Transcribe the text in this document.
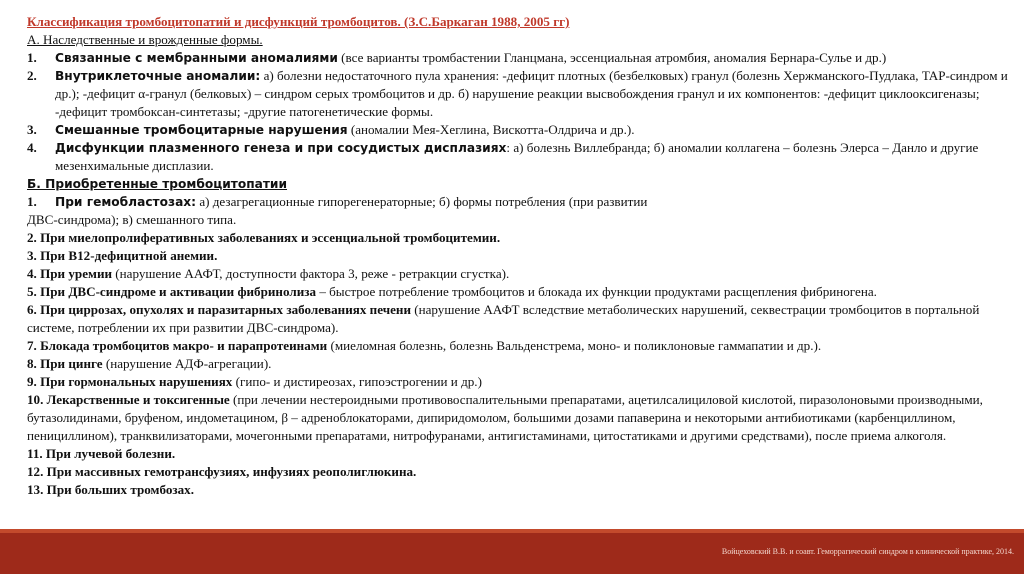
Классификация тромбоцитопатий и дисфункций тромбоцитов. (З.С.Баркаган 1988, 2005 гг)

А. Наследственные и врожденные формы.

1.	Связанные с мембранными аномалиями (все варианты тромбастении Гланцмана, эссенциальная атромбия, аномалия Бернара-Сулье и др.)
2.	Внутриклеточные аномалии: а) болезни недостаточного пула хранения: -дефицит плотных (безбелковых) гранул (болезнь Хержманского-Пудлака, TAP-синдром и др.); -дефицит α-гранул (белковых) – синдром серых тромбоцитов и др. б) нарушение реакции высвобождения гранул и их компонентов: -дефицит циклооксигеназы; -дефицит тромбоксан-синтетазы; -другие патогенетические формы.
3.	Смешанные тромбоцитарные нарушения (аномалии Мея-Хеглина, Вискотта-Олдрича и др.).
4.	Дисфункции плазменного генеза и при сосудистых дисплазиях: а) болезнь Виллебранда; б) аномалии коллагена – болезнь Элерса – Данло и другие мезенхимальные дисплазии.

Б. Приобретенные тромбоцитопатии

1.	При гемобластозах: а) дезагрегационные гипорегенераторные; б) формы потребления (при развитии

ДВС-синдрома); в) смешанного типа.

2. При миелопролиферативных заболеваниях и эссенциальной тромбоцитемии.

3. При В12-дефицитной анемии.

4. При уремии (нарушение ААФТ, доступности фактора 3, реже - ретракции сгустка).

5. При ДВС-синдроме и активации фибринолиза – быстрое потребление тромбоцитов и блокада их функции продуктами расщепления фибриногена.

6. При циррозах, опухолях и паразитарных заболеваниях печени (нарушение ААФТ вследствие метаболических нарушений, секвестрации тромбоцитов в портальной системе, потреблении их при развитии ДВС-синдрома).

7. Блокада тромбоцитов макро- и парапротеинами (миеломная болезнь, болезнь Вальденстрема, моно- и поликлоновые гаммапатии и др.).

8. При цинге (нарушение АДФ-агрегации).

9. При гормональных нарушениях (гипо- и дистиреозах, гипоэстрогении и др.)

10. Лекарственные и токсигенные (при лечении нестероидными противовоспалительными препаратами, ацетилсалициловой кислотой, пиразолоновыми производными, бутазолидинами, бруфеном, индометацином, β – адреноблокаторами, дипиридомолом, большими дозами папаверина и некоторыми антибиотиками (карбенциллином, пенициллином), транквилизаторами, мочегонными препаратами, нитрофуранами, антигистаминами, цитостатиками и другими средствами), после приема алкоголя.

11. При лучевой болезни.

12. При массивных гемотрансфузиях, инфузиях реополиглюкина.

13. При больших тромбозах.

Войцеховский В.В. и соавт. Геморрагический синдром в клинической практике, 2014.
